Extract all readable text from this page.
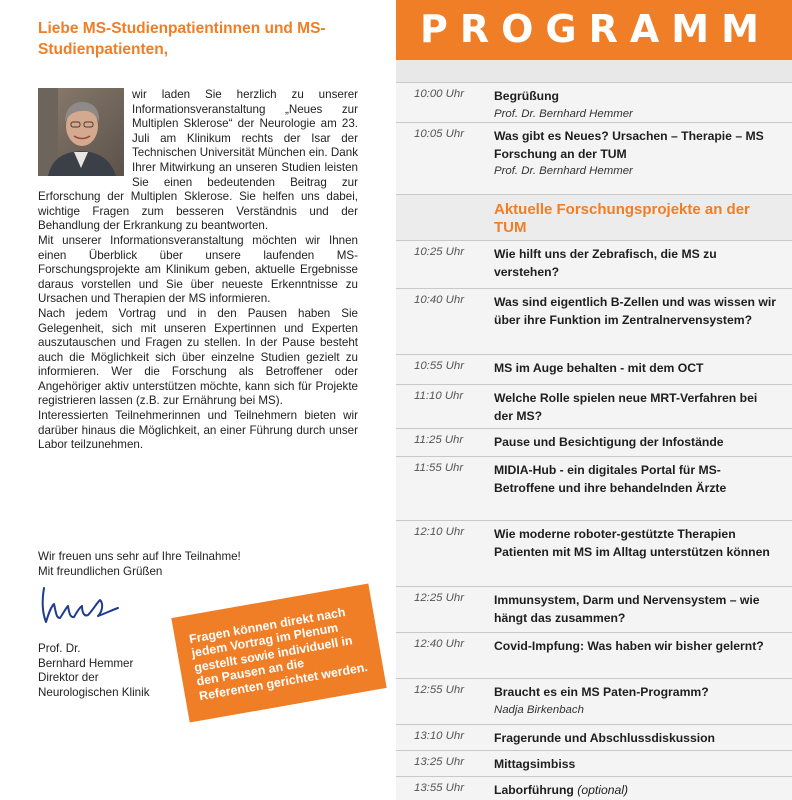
Liebe MS-Studienpatientinnen und MS-Studienpatienten,

wir laden Sie herzlich zu unserer Informationsveranstaltung „Neues zur Multiplen Sklerose“ der Neurologie am 23. Juli am Klinikum rechts der Isar der Technischen Universität München ein. Dank Ihrer Mitwirkung an unseren Studien leisten Sie einen bedeutenden Beitrag zur Erforschung der Multiplen Sklerose. Sie helfen uns dabei, wichtige Fragen zum besseren Verständnis und der Behandlung der Erkrankung zu beantworten.

Mit unserer Informationsveranstaltung möchten wir Ihnen einen Überblick über unsere laufenden MS-Forschungsprojekte am Klinikum geben, aktuelle Ergebnisse daraus vorstellen und Sie über neueste Erkenntnisse zu Ursachen und Therapien der MS informieren.

Nach jedem Vortrag und in den Pausen haben Sie Gelegenheit, sich mit unseren Expertinnen und Experten auszutauschen und Fragen zu stellen. In der Pause besteht auch die Möglichkeit sich über einzelne Studien gezielt zu informieren. Wer die Forschung als Betroffener oder Angehöriger aktiv unterstützen möchte, kann sich für Projekte registrieren lassen (z.B. zur Ernährung bei MS).

Interessierten Teilnehmerinnen und Teilnehmern bieten wir darüber hinaus die Möglichkeit, an einer Führung durch unser Labor teilzunehmen.

Wir freuen uns sehr auf Ihre Teilnahme!
Mit freundlichen Grüßen
Prof. Dr.
Bernhard Hemmer
Direktor der
Neurologischen Klinik
Fragen können direkt nach jedem Vortrag im Plenum gestellt sowie individuell in den Pausen an die Referenten gerichtet werden.
PROGRAMM
10:00 Uhr	Begrüßung
Prof. Dr. Bernhard Hemmer
10:05 Uhr	Was gibt es Neues? Ursachen – Therapie – MS Forschung an der TUM
Prof. Dr. Bernhard Hemmer
Aktuelle Forschungsprojekte an der TUM
10:25 Uhr	Wie hilft uns der Zebrafisch, die MS zu verstehen?
10:40 Uhr	Was sind eigentlich B-Zellen und was wissen wir über ihre Funktion im Zentralnervensystem?
10:55 Uhr	MS im Auge behalten - mit dem OCT
11:10 Uhr	Welche Rolle spielen neue MRT-Verfahren bei der MS?
11:25 Uhr	Pause und Besichtigung der Infostände
11:55 Uhr	MIDIA-Hub - ein digitales Portal für MS-Betroffene und ihre behandelnden Ärzte
12:10 Uhr	Wie moderne roboter-gestützte Therapien Patienten mit MS im Alltag unterstützen können
12:25 Uhr	Immunsystem, Darm und Nervensystem – wie hängt das zusammen?
12:40 Uhr	Covid-Impfung: Was haben wir bisher gelernt?
12:55 Uhr	Braucht es ein MS Paten-Programm?
Nadja Birkenbach
13:10 Uhr	Fragerunde und Abschlussdiskussion
13:25 Uhr	Mittagsimbiss
13:55 Uhr	Laborführung (optional)
